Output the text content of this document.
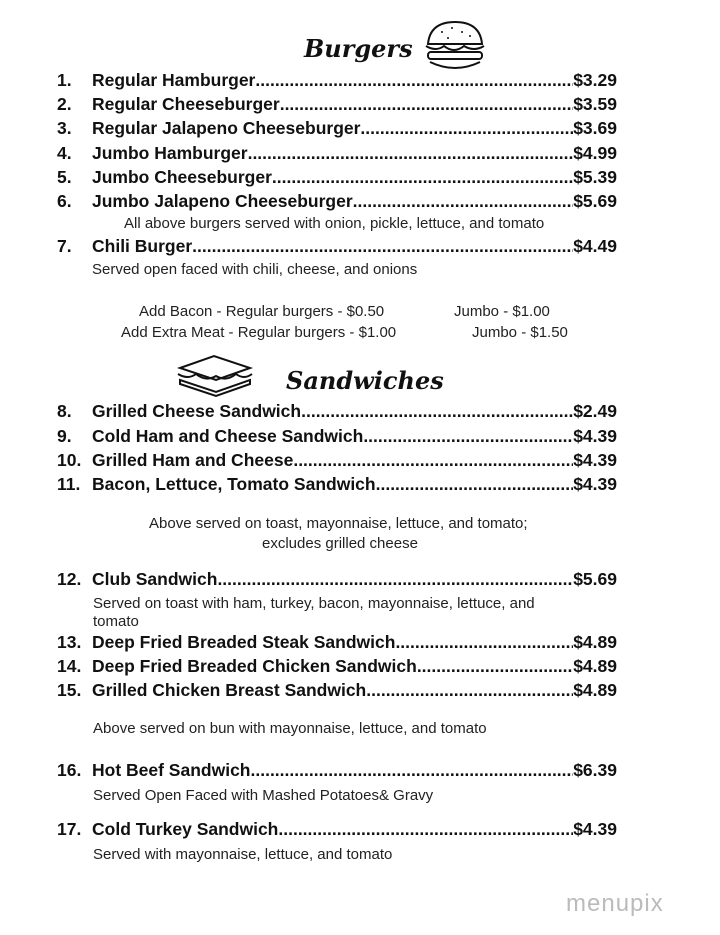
Burgers
Sandwiches
1.	Regular Hamburger .....	$3.29
2.	Regular Cheeseburger .....	$3.59
3.	Regular Jalapeno Cheeseburger .....	$3.69
4.	Jumbo Hamburger .....	$4.99
5.	Jumbo Cheeseburger .....	$5.39
6.	Jumbo Jalapeno Cheeseburger .....	$5.69
All above burgers served with onion, pickle, lettuce, and tomato
7.	Chili Burger .....	$4.49
Served open faced with chili, cheese, and onions
Add Bacon - Regular burgers - $0.50	Jumbo - $1.00
Add Extra Meat - Regular burgers - $1.00	Jumbo - $1.50
8.	Grilled Cheese Sandwich .....	$2.49
9.	Cold Ham and Cheese Sandwich .....	$4.39
10. Grilled Ham and Cheese .....	$4.39
11. Bacon, Lettuce, Tomato Sandwich .....	$4.39
Above served on toast, mayonnaise, lettuce, and tomato;
excludes grilled cheese
12. Club Sandwich .....	$5.69
Served on toast with ham, turkey, bacon, mayonnaise, lettuce, and
tomato
13. Deep Fried Breaded Steak Sandwich .....	$4.89
14. Deep Fried Breaded Chicken Sandwich .....	$4.89
15. Grilled Chicken Breast Sandwich .....	$4.89
Above served on bun with mayonnaise, lettuce, and tomato
16. Hot Beef Sandwich .....	$6.39
Served Open Faced with Mashed Potatoes& Gravy
17. Cold Turkey Sandwich .....	$4.39
Served with mayonnaise, lettuce, and tomato
menupix
